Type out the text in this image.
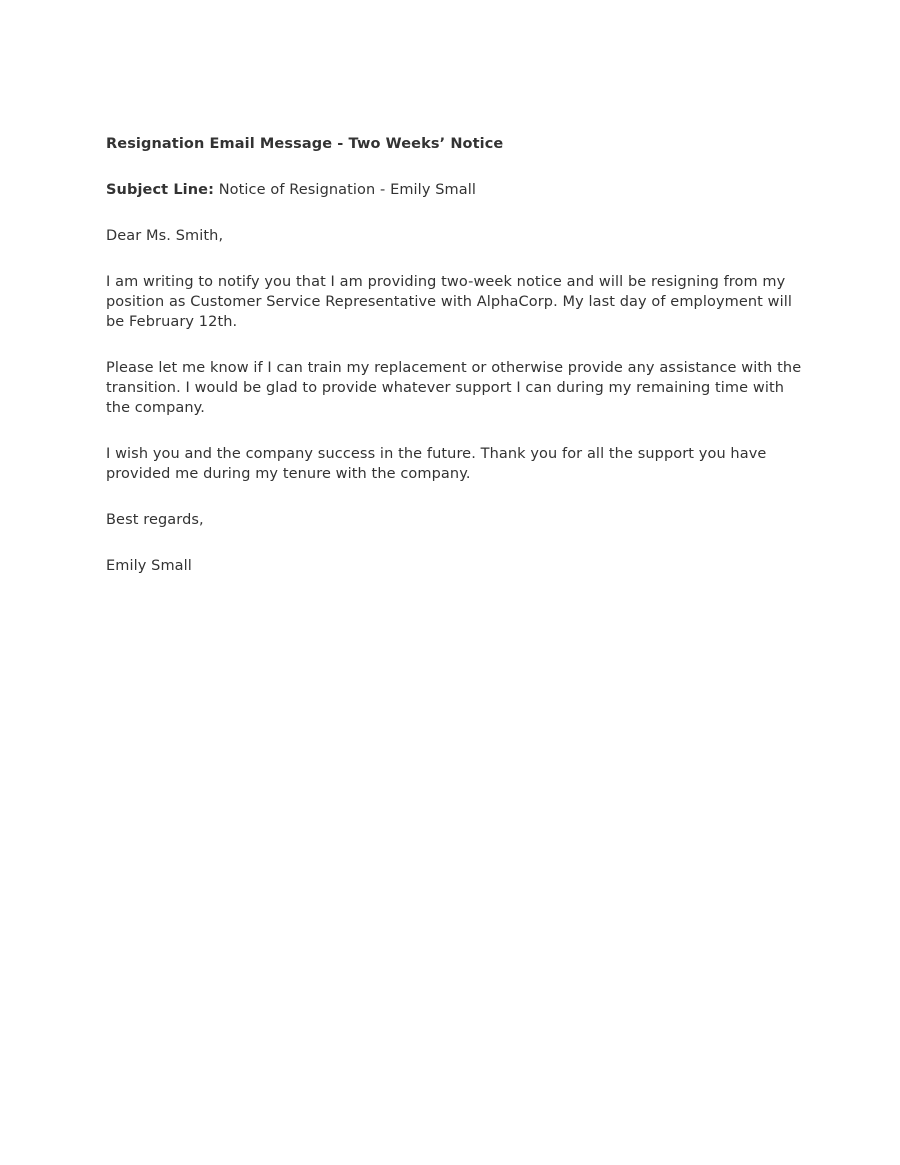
Resignation Email Message - Two Weeks’ Notice

Subject Line: Notice of Resignation - Emily Small

Dear Ms. Smith,

I am writing to notify you that I am providing two-week notice and will be resigning from my position as Customer Service Representative with AlphaCorp. My last day of employment will be February 12th.

Please let me know if I can train my replacement or otherwise provide any assistance with the transition. I would be glad to provide whatever support I can during my remaining time with the company.

I wish you and the company success in the future. Thank you for all the support you have provided me during my tenure with the company.

Best regards,

Emily Small
